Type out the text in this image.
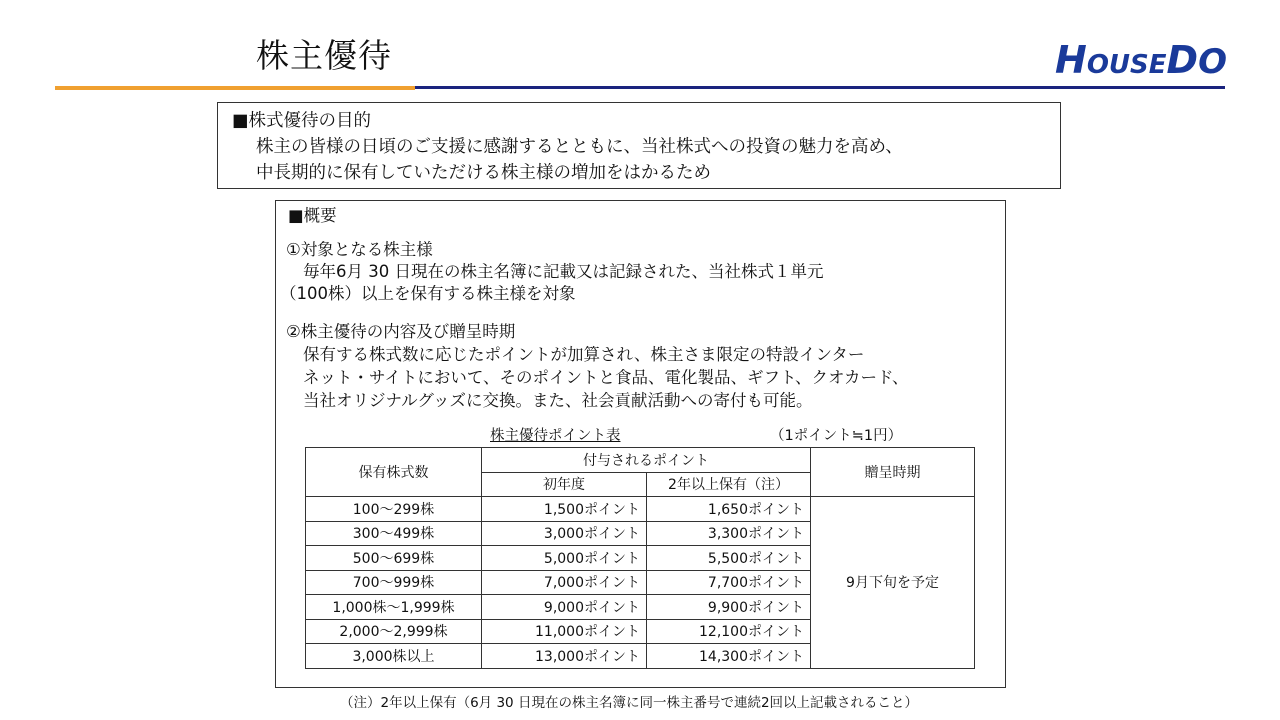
株主優待	HOUSEDO
■株式優待の目的
株主の皆様の日頃のご支援に感謝するとともに、当社株式への投資の魅力を高め、
中長期的に保有していただける株主様の増加をはかるため
■概要
①対象となる株主様
毎年6月 30 日現在の株主名簿に記載又は記録された、当社株式１単元
（100株）以上を保有する株主様を対象
②株主優待の内容及び贈呈時期
保有する株式数に応じたポイントが加算され、株主さま限定の特設インター
ネット・サイトにおいて、そのポイントと食品、電化製品、ギフト、クオカード、
当社オリジナルグッズに交換。また、社会貢献活動への寄付も可能。
株主優待ポイント表	（1ポイント≒1円）
保有株式数	付与されるポイント		贈呈時期
	初年度	2年以上保有（注）	
100～299株	1,500ポイント	1,650ポイント	9月下旬を予定
300～499株	3,000ポイント	3,300ポイント	
500～699株	5,000ポイント	5,500ポイント	
700～999株	7,000ポイント	7,700ポイント	
1,000株～1,999株	9,000ポイント	9,900ポイント	
2,000～2,999株	11,000ポイント	12,100ポイント	
3,000株以上	13,000ポイント	14,300ポイント	
（注）2年以上保有（6月 30 日現在の株主名簿に同一株主番号で連続2回以上記載されること）
